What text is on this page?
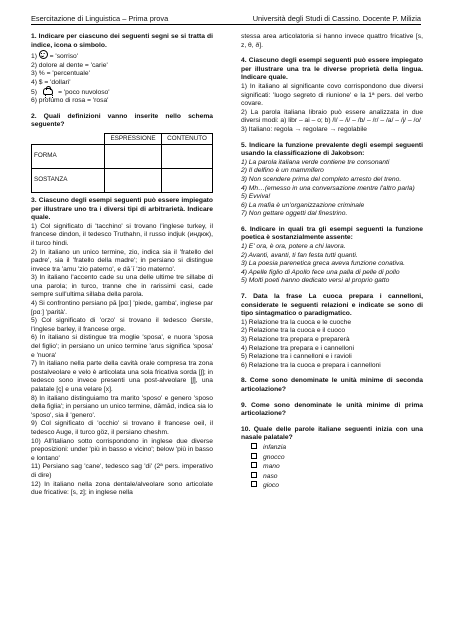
Esercitazione di Linguistica – Prima prova	Università degli Studi di Cassino. Docente P. Milizia

1. Indicare per ciascuno dei seguenti segni se si tratta di indice, icona o simbolo.

1) = 'sorriso'

2) dolore al dente = 'carie'

3) % = 'percentuale'

4) $ = 'dollari'

5)	= 'poco nuvoloso'

6) profumo di rosa = 'rosa'

2. Quali definizioni vanno inserite nello schema seguente?

	ESPRESSIONE	CONTENUTO
FORMA		
SOSTANZA		

3. Ciascuno degli esempi seguenti può essere impiegato per illustrare uno tra i diversi tipi di arbitrarietà. Indicare quale.

1) Col significato di 'tacchino' si trovano l'inglese turkey, il francese dindon, il tedesco Truthahn, il russo indjuk (индюк), il turco hindi.

2) In italiano un unico termine, zio, indica sia il 'fratello del padre', sia il 'fratello della madre'; in persiano si distingue invece tra 'amu 'zio paterno', e dāʾī 'zio materno'.

3) In italiano l'accento cade su una delle ultime tre sillabe di una parola; in turco, tranne che in rarissimi casi, cade sempre sull'ultima sillaba della parola.

4) Si confrontino persiano pā [pɑː] 'piede, gamba', inglese par [pɑː] 'parità'.

5) Col significato di 'orzo' si trovano il tedesco Gerste, l'inglese barley, il francese orge.

6) In italiano si distingue tra moglie 'sposa', e nuora 'sposa del figlio'; in persiano un unico termine 'arus significa 'sposa' e 'nuora'

7) In italiano nella parte della cavità orale compresa tra zona postalveolare e velo è articolata una sola fricativa sorda [ʃ]; in tedesco sono invece presenti una post-alveolare [ʃ], una palatale [ç] e una velare [x].

8) In italiano distinguiamo tra marito 'sposo' e genero 'sposo della figlia'; in persiano un unico termine, dāmād, indica sia lo 'sposo', sia il 'genero'.

9) Col significato di 'occhio' si trovano il francese oeil, il tedesco Auge, il turco göz, il persiano cheshm.

10) All'italiano sotto corrispondono in inglese due diverse preposizioni: under 'più in basso e vicino'; below 'più in basso e lontano'

11) Persiano sag 'cane', tedesco sag 'di' (2ª pers. imperativo di dire)

12) In italiano nella zona dentale/alveolare sono articolate due fricative: [s, z]; in inglese nella

stessa area articolatoria si hanno invece quattro fricative [s, z, θ, ð].

4. Ciascuno degli esempi seguenti può essere impiegato per illustrare una tra le diverse proprietà della lingua. Indicare quale.

1) In italiano al significante covo corrispondono due diversi significati: 'luogo segreto di riunione' e la 1ª pers. del verbo covare.

2) La parola italiana libraio può essere analizzata in due diversi modi: a) libr – ai – o; b) /l/ – /i/ – /b/ – /r/ – /a/ – /j/ – /o/

3) Italiano: regola → regolare → regolabile

5. Indicare la funzione prevalente degli esempi seguenti usando la classificazione di Jakobson:

1) La parola italiana verde contiene tre consonanti

2) Il delfino è un mammifero

3) Non scendere prima del completo arresto del treno.

4) Mh…(emesso in una conversazione mentre l'altro parla)

5) Evviva!

6) La mafia è un'organizzazione criminale

7) Non gettare oggetti dal finestrino.

6. Indicare in quali tra gli esempi seguenti la funzione poetica è sostanzialmente assente:

1) E' ora, è ora, potere a chi lavora.

2) Avanti, avanti, ti fan festa tutti quanti.

3) La poesia parenetica greca aveva funzione conativa.

4) Apelle figlio di Apollo fece una palla di pelle di pollo

5) Molti poeti hanno dedicato versi al proprio gatto

7. Data la frase La cuoca prepara i cannelloni, considerate le seguenti relazioni e indicate se sono di tipo sintagmatico o paradigmatico.

1) Relazione tra la cuoca e le cuoche

2) Relazione tra la cuoca e il cuoco

3) Relazione tra prepara e preparerà

4) Relazione tra prepara e i cannelloni

5) Relazione tra i cannelloni e i ravioli

6) Relazione tra la cuoca e prepara i cannelloni

8. Come sono denominate le unità minime di seconda articolazione?

9. Come sono denominate le unità minime di prima articolazione?

10. Quale delle parole italiane seguenti inizia con una nasale palatale?

infanzia

gnocco

mano

naso

gioco
